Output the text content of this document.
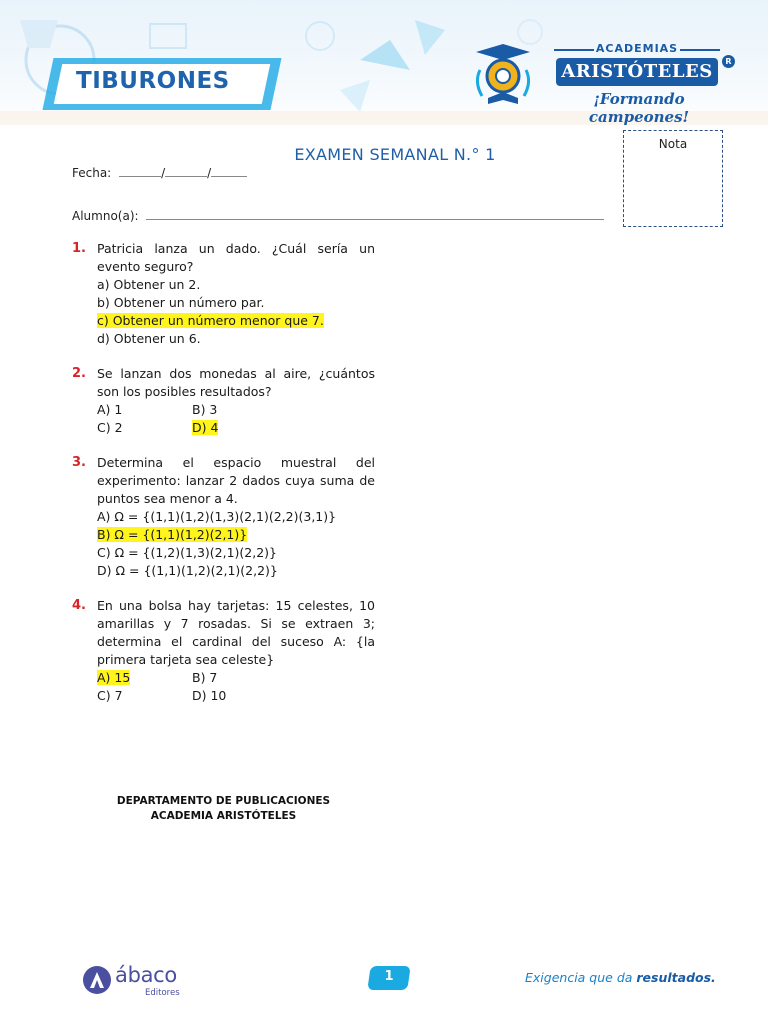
TIBURONES
ACADEMIAS
ARISTÓTELES	R
¡Formando campeones!
EXAMEN SEMANAL N.° 1
Nota
Fecha:	/	/
Alumno(a):
1. Patricia lanza un dado. ¿Cuál sería un evento seguro?
a) Obtener un 2.
b) Obtener un número par.
c) Obtener un número menor que 7.
d) Obtener un 6.
2. Se lanzan dos monedas al aire, ¿cuántos son los posibles resultados?
A) 1	B) 3
C) 2	D) 4
3. Determina el espacio muestral del experimento: lanzar 2 dados cuya suma de puntos sea menor a 4.
A) Ω = {(1,1)(1,2)(1,3)(2,1)(2,2)(3,1)}
B) Ω = {(1,1)(1,2)(2,1)}
C) Ω = {(1,2)(1,3)(2,1)(2,2)}
D) Ω = {(1,1)(1,2)(2,1)(2,2)}
4. En una bolsa hay tarjetas: 15 celestes, 10 amarillas y 7 rosadas. Si se extraen 3; determina el cardinal del suceso A: {la primera tarjeta sea celeste}
A) 15	B) 7
C) 7	D) 10
DEPARTAMENTO DE PUBLICACIONES
ACADEMIA ARISTÓTELES
ábaco
Editores
1	Exigencia que da resultados.
